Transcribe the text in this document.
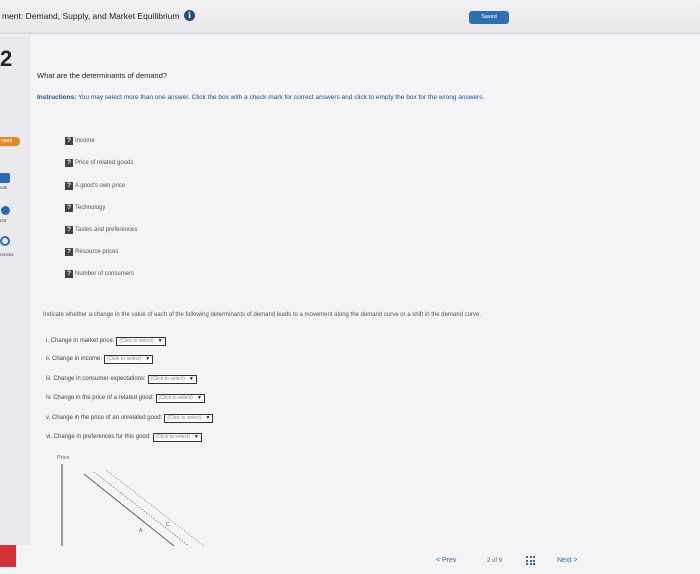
ment: Demand, Supply, and Market Equilibrium	i	Saved
2
oped
ook
rint
rences
What are the determinants of demand?
Instructions: You may select more than one answer. Click the box with a check mark for correct answers and click to empty the box for the wrong answers.
? Income
? Price of related goods
? A good's own price
? Technology
? Tastes and preferences
? Resource prices
? Number of consumers
Indicate whether a change in the value of each of the following determinants of demand leads to a movement along the demand curve or a shift in the demand curve.
i. Change in market price: (Click to select) ▼
ii. Change in income: (Click to select) ▼
iii. Change in consumer expectations: (Click to select) ▼
iv. Change in the price of a related good: (Click to select) ▼
v. Change in the price of an unrelated good: (Click to select) ▼
vi. Change in preferences for this good: (Click to select) ▼
Price
A
C
< Prev	2 of 9	Next >
